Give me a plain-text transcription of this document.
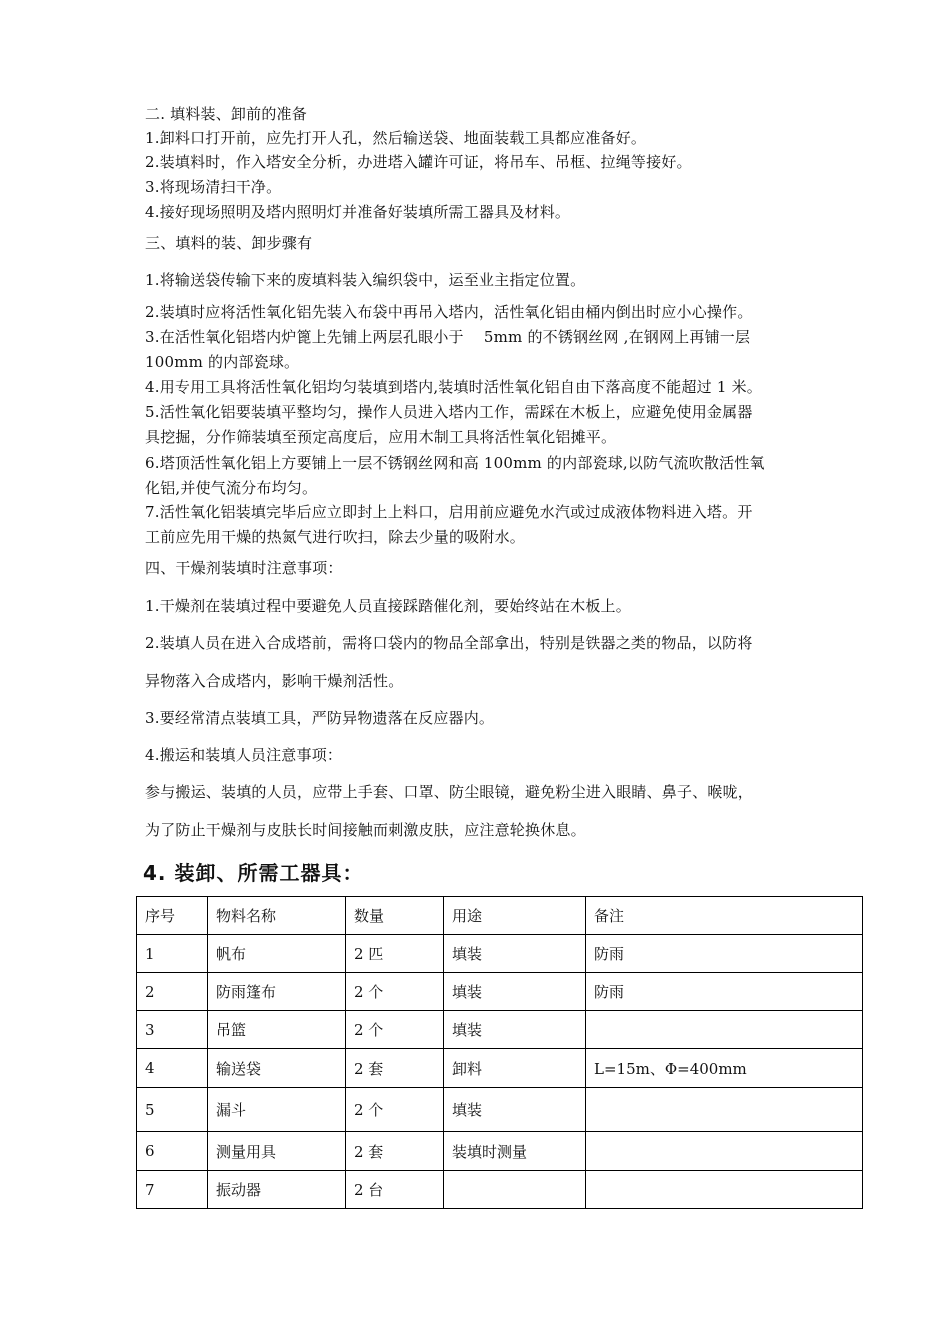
二. 填料装、卸前的准备
1.卸料口打开前，应先打开人孔，然后输送袋、地面装载工具都应准备好。
2.装填料时，作入塔安全分析，办进塔入罐许可证，将吊车、吊框、拉绳等接好。
3.将现场清扫干净。
4.接好现场照明及塔内照明灯并准备好装填所需工器具及材料。
三、填料的装、卸步骤有
1.将输送袋传输下来的废填料装入编织袋中，运至业主指定位置。
2.装填时应将活性氧化铝先装入布袋中再吊入塔内，活性氧化铝由桶内倒出时应小心操作。
3.在活性氧化铝塔内炉篦上先铺上两层孔眼小于　 5mm 的不锈钢丝网 ,在钢网上再铺一层
100mm 的内部瓷球。
4.用专用工具将活性氧化铝均匀装填到塔内,装填时活性氧化铝自由下落高度不能超过 1 米。
5.活性氧化铝要装填平整均匀，操作人员进入塔内工作，需踩在木板上，应避免使用金属器
具挖掘，分作筛装填至预定高度后，应用木制工具将活性氧化铝摊平。
6.塔顶活性氧化铝上方要铺上一层不锈钢丝网和高 100mm 的内部瓷球,以防气流吹散活性氧
化铝,并使气流分布均匀。
7.活性氧化铝装填完毕后应立即封上上料口，启用前应避免水汽或过成液体物料进入塔。开
工前应先用干燥的热氮气进行吹扫，除去少量的吸附水。
四、干燥剂装填时注意事项：
1.干燥剂在装填过程中要避免人员直接踩踏催化剂，要始终站在木板上。
2.装填人员在进入合成塔前，需将口袋内的物品全部拿出，特别是铁器之类的物品，以防将
异物落入合成塔内，影响干燥剂活性。
3.要经常清点装填工具，严防异物遗落在反应器内。
4.搬运和装填人员注意事项：
参与搬运、装填的人员，应带上手套、口罩、防尘眼镜，避免粉尘进入眼睛、鼻子、喉咙，
为了防止干燥剂与皮肤长时间接触而刺激皮肤，应注意轮换休息。
4. 装卸、所需工器具：
序号	物料名称	数量	用途	备注
1	帆布	2 匹	填装	防雨
2	防雨篷布	2 个	填装	防雨
3	吊篮	2 个	填装	
4	输送袋	2 套	卸料	L=15m、Φ=400mm
5	漏斗	2 个	填装	
6	测量用具	2 套	装填时测量	
7	振动器	2 台		
